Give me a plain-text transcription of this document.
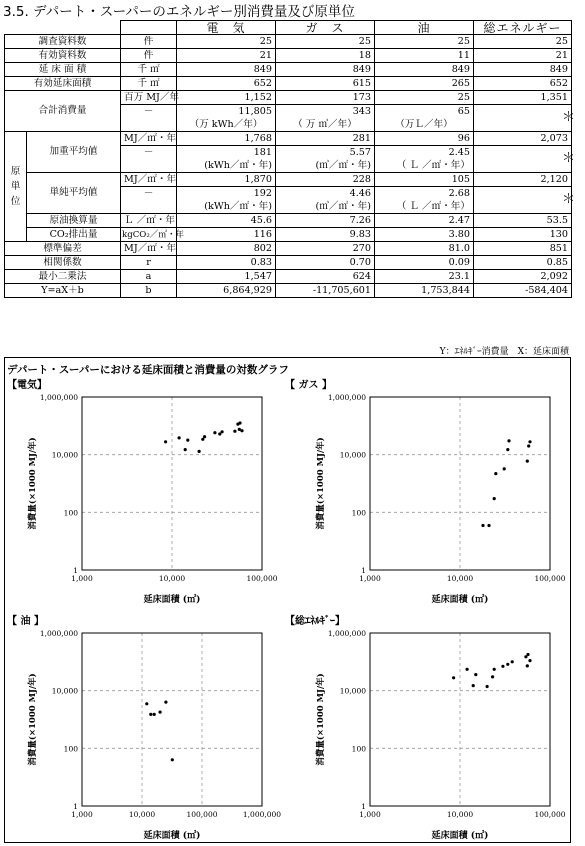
3.5. デパート・スーパーのエネルギー別消費量及び原単位
			電　気	ガ　ス	油	総エネルギー
調査資料数		件	25	25	25	25
有効資料数		件	21	18	11	21
延 床 面 積		千 ㎡	849	849	849	849
有効延床面積		千 ㎡	652	615	265	652
合計消費量		百万 MJ／年	1,152	173	25	1,351
		－	11,805	343	65	＊
			（万 kWh／年）	（ 万 ㎥／年）	（万Ｌ／年）	
原単位	加重平均値	MJ／㎡・年	1,768	281	96	2,073
		－	181	5.57	2.45	＊
			(kWh／㎡・年)	(㎥／㎡・年)	（ Ｌ ／㎡・年）	
	単純平均値	MJ／㎡・年	1,870	228	105	2,120
		－	192	4.46	2.68	＊
			(kWh／㎡・年)	(㎥／㎡・年)	（ Ｌ ／㎡・年）	
	原油換算量	Ｌ ／㎡・年	45.6	7.26	2.47	53.5
	CO₂排出量	kgCO₂／㎡・年	116	9.83	3.80	130
標準偏差		MJ／㎡・年	802	270	81.0	851
相関係数		r	0.83	0.70	0.09	0.85
最小二乗法		a	1,547	624	23.1	2,092
Y=aX＋b		b	6,864,929	-11,705,601	1,753,844	-584,404
Y：ｴﾈﾙｷﾞｰ消費量　X：延床面積
デパート・スーパーにおける延床面積と消費量の対数グラフ
【電気】	【 ガス 】
【 油 】	【総ｴﾈﾙｷﾞｰ】
1,000	10,000	100,000
1,000,000
10,000
100
1
延床面積 (㎡)
消費量(×1000 MJ/年)
1,000	10,000	100,000
1,000,000
10,000
100
1
延床面積 (㎡)
消費量(×1000 MJ/年)
1,000	10,000	100,000	1,000,000
1,000,000
10,000
100
1
延床面積 (㎡)
消費量(×1000 MJ/年)
1,000	10,000	100,000
1,000,000
10,000
100
1
延床面積 (㎡)
消費量(×1000 MJ/年)
